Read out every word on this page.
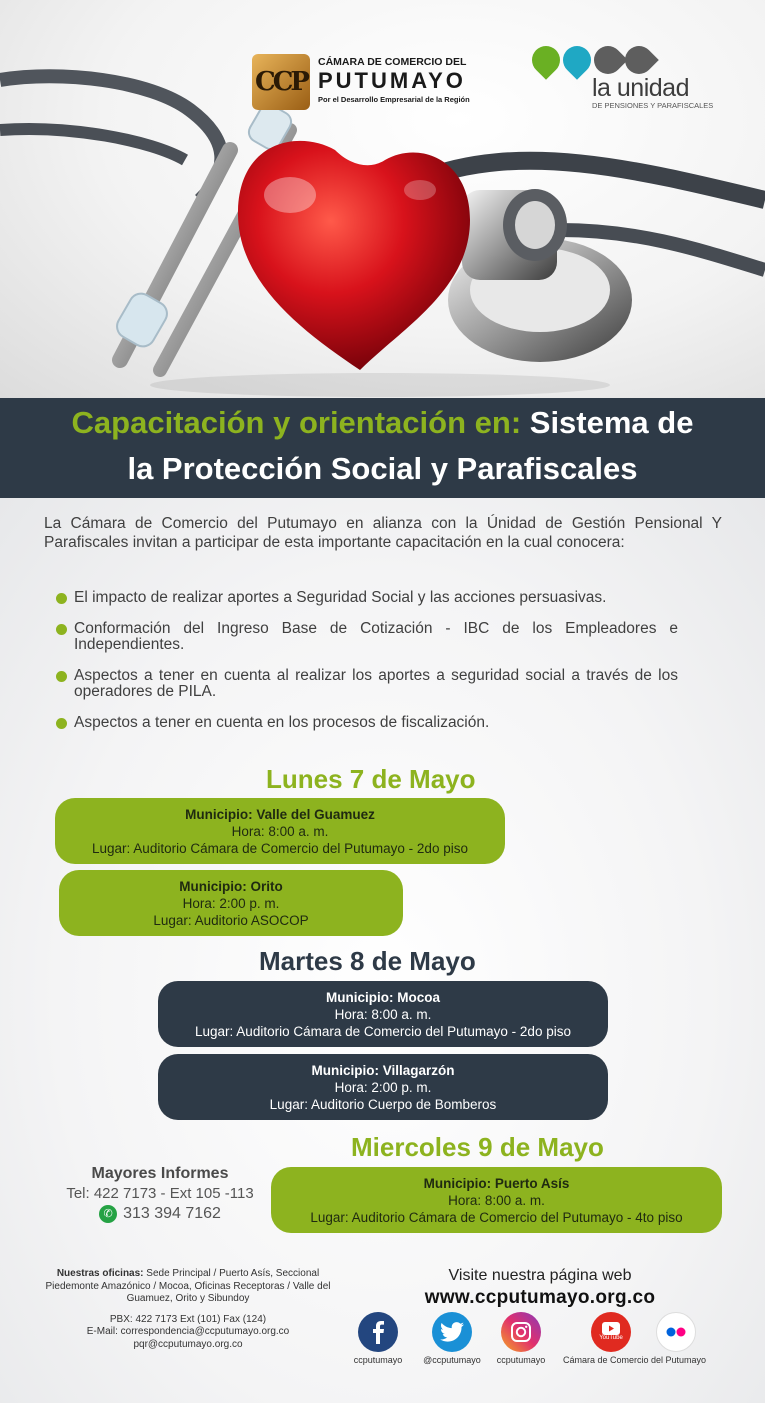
CCP
CÁMARA DE COMERCIO DEL
PUTUMAYO
Por el Desarrollo Empresarial de la Región	la unidad
DE PENSIONES Y PARAFISCALES
Capacitación y orientación en: Sistema de
la Protección Social y Parafiscales

La Cámara de Comercio del Putumayo en alianza con la Únidad de Gestión Pensional Y Parafiscales invitan a participar de esta importante capacitación en la cual conocera:

El impacto de realizar aportes a Seguridad Social y las acciones persuasivas.
Conformación del Ingreso Base de Cotización - IBC de los Empleadores e Independientes.
Aspectos a tener en cuenta al realizar los aportes a seguridad social a través de los operadores de PILA.
Aspectos a tener en cuenta en los procesos de fiscalización.
Lunes 7 de Mayo
Municipio: Valle del Guamuez
Hora: 8:00 a. m.
Lugar: Auditorio Cámara de Comercio del Putumayo - 2do piso
Municipio: Orito
Hora: 2:00 p. m.
Lugar: Auditorio ASOCOP
Martes 8 de Mayo
Municipio: Mocoa
Hora: 8:00 a. m.
Lugar: Auditorio Cámara de Comercio del Putumayo - 2do piso
Municipio: Villagarzón
Hora: 2:00 p. m.
Lugar: Auditorio Cuerpo de Bomberos
Miercoles 9 de Mayo
Municipio: Puerto Asís
Hora: 8:00 a. m.
Lugar: Auditorio Cámara de Comercio del Putumayo - 4to piso
Mayores Informes
Tel: 422 7173 - Ext 105 -113
✆ 313 394 7162
Nuestras oficinas: Sede Principal / Puerto Asís, Seccional Piedemonte Amazónico / Mocoa, Oficinas Receptoras / Valle del Guamuez, Orito y Sibundoy
PBX: 422 7173 Ext (101) Fax (124)
E-Mail: correspondencia@ccputumayo.org.co
pqr@ccputumayo.org.co
Visite nuestra página web
www.ccputumayo.org.co
ccputumayo	@ccputumayo	ccputumayo
YouTube
Cámara de Comercio del Putumayo
